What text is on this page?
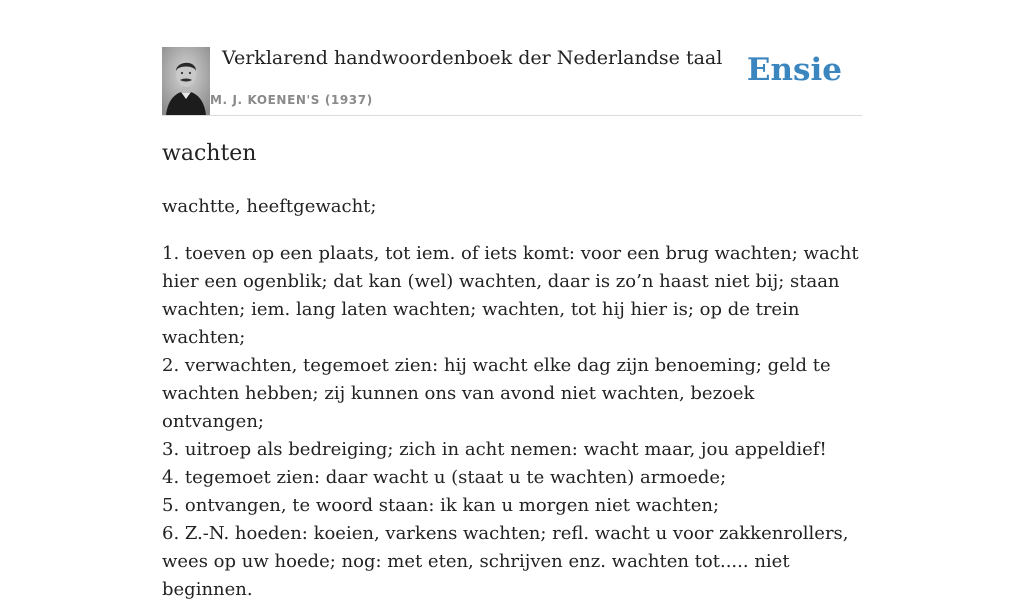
Verklarend handwoordenboek der Nederlandse taal
M. J. KOENEN'S (1937)
Ensie
wachten

wachtte, heeftgewacht;

1. toeven op een plaats, tot iem. of iets komt: voor een brug wachten; wacht hier een ogenblik; dat kan (wel) wachten, daar is zo’n haast niet bij; staan wachten; iem. lang laten wachten; wachten, tot hij hier is; op de trein wachten;
2. verwachten, tegemoet zien: hij wacht elke dag zijn benoeming; geld te wachten hebben; zij kunnen ons van avond niet wachten, bezoek ontvangen;
3. uitroep als bedreiging; zich in acht nemen: wacht maar, jou appeldief!
4. tegemoet zien: daar wacht u (staat u te wachten) armoede;
5. ontvangen, te woord staan: ik kan u morgen niet wachten;
6. Z.-N. hoeden: koeien, varkens wachten; refl. wacht u voor zakkenrollers, wees op uw hoede; nog: met eten, schrijven enz. wachten tot..... niet beginnen.
